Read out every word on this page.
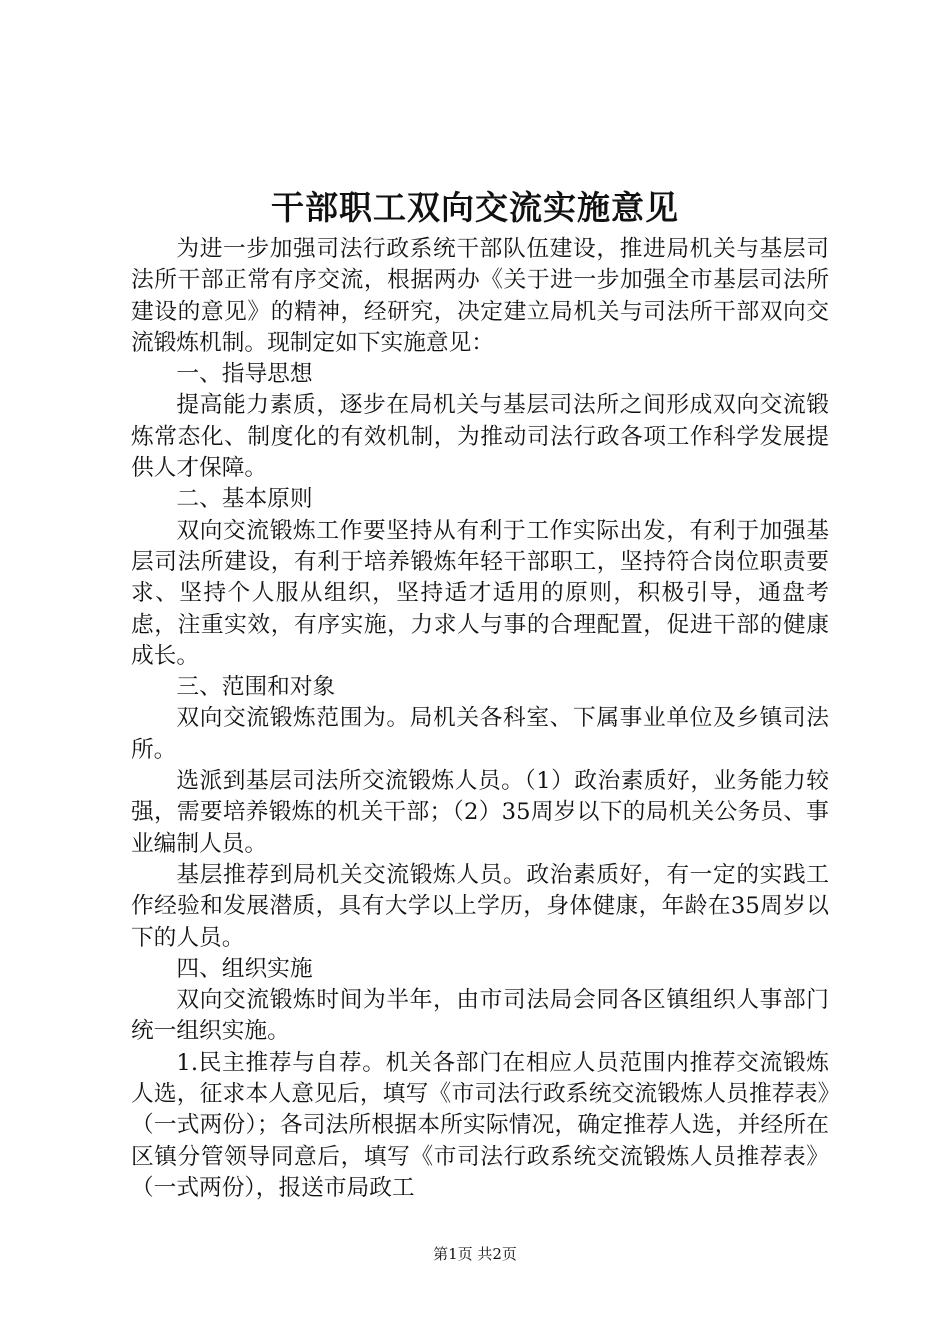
干部职工双向交流实施意见

为进一步加强司法行政系统干部队伍建设，推进局机关与基层司法所干部正常有序交流，根据两办《关于进一步加强全市基层司法所建设的意见》的精神，经研究，决定建立局机关与司法所干部双向交流锻炼机制。现制定如下实施意见：

一、指导思想

提高能力素质，逐步在局机关与基层司法所之间形成双向交流锻炼常态化、制度化的有效机制，为推动司法行政各项工作科学发展提供人才保障。

二、基本原则

双向交流锻炼工作要坚持从有利于工作实际出发，有利于加强基层司法所建设，有利于培养锻炼年轻干部职工，坚持符合岗位职责要求、坚持个人服从组织，坚持适才适用的原则，积极引导，通盘考虑，注重实效，有序实施，力求人与事的合理配置，促进干部的健康成长。

三、范围和对象

双向交流锻炼范围为。局机关各科室、下属事业单位及乡镇司法所。

选派到基层司法所交流锻炼人员。（1）政治素质好，业务能力较强，需要培养锻炼的机关干部；（2）35周岁以下的局机关公务员、事业编制人员。

基层推荐到局机关交流锻炼人员。政治素质好，有一定的实践工作经验和发展潜质，具有大学以上学历，身体健康，年龄在35周岁以下的人员。

四、组织实施

双向交流锻炼时间为半年，由市司法局会同各区镇组织人事部门统一组织实施。

1.民主推荐与自荐。机关各部门在相应人员范围内推荐交流锻炼人选，征求本人意见后，填写《市司法行政系统交流锻炼人员推荐表》（一式两份）；各司法所根据本所实际情况，确定推荐人选，并经所在区镇分管领导同意后，填写《市司法行政系统交流锻炼人员推荐表》（一式两份），报送市局政工

第1页 共2页
